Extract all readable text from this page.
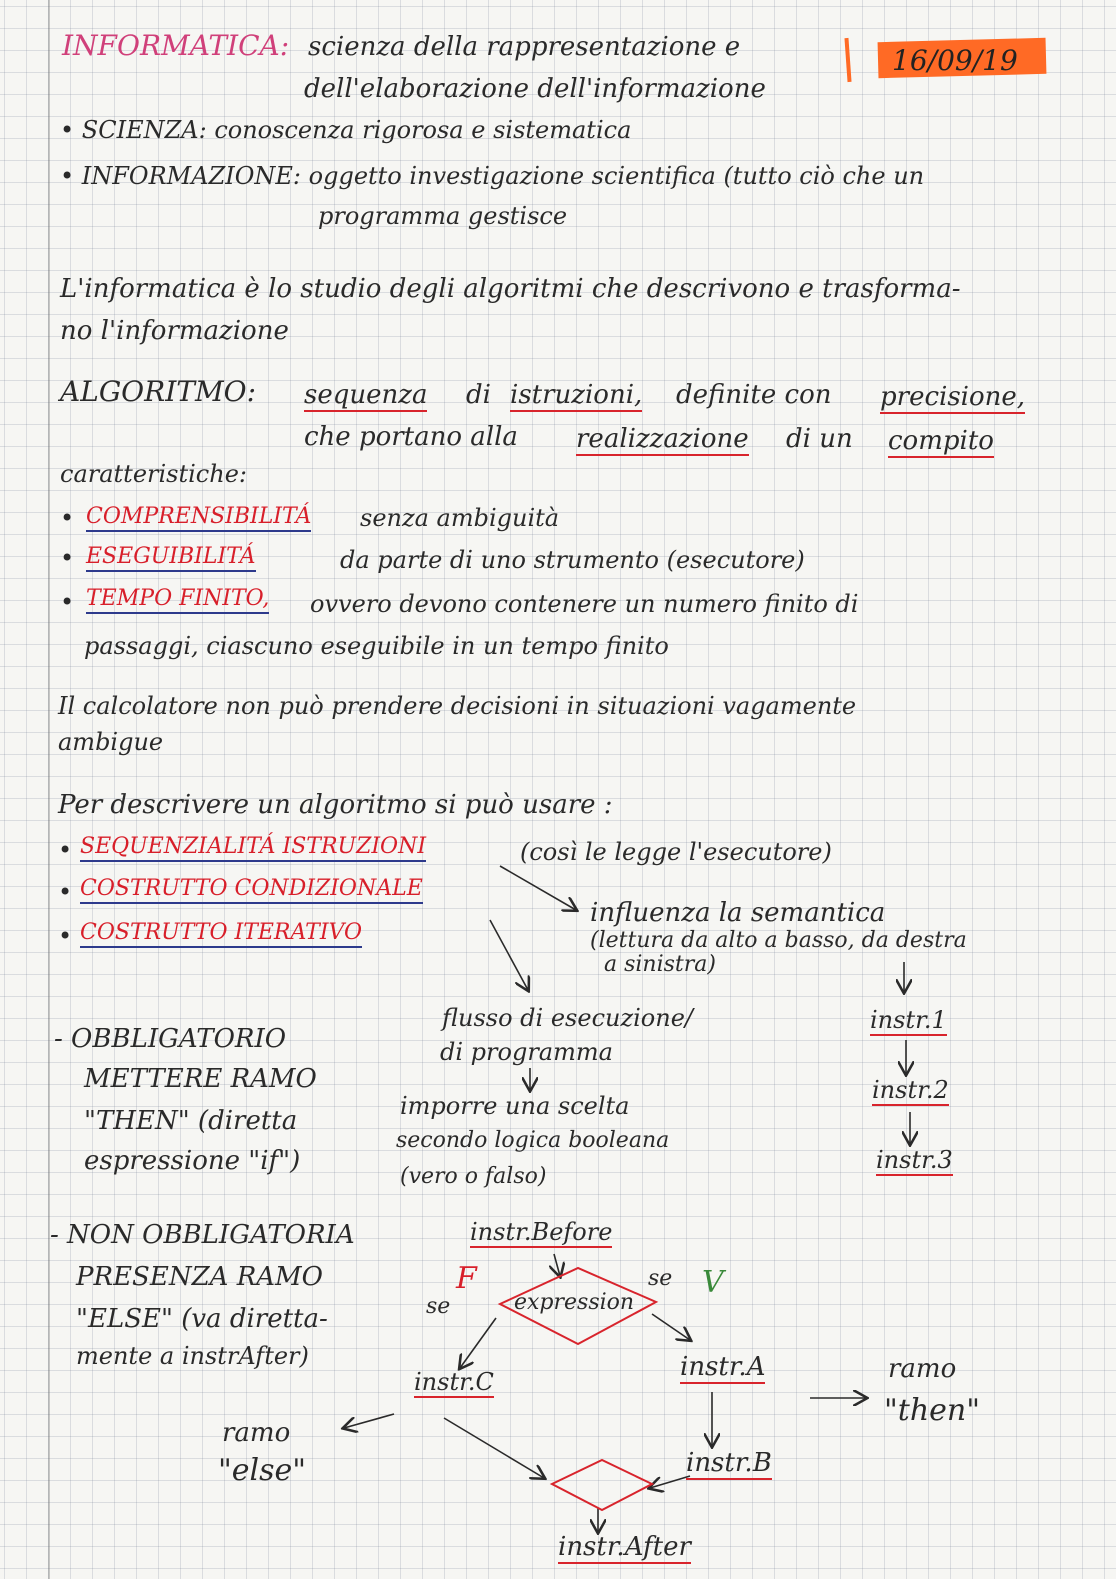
INFORMATICA: scienza della rappresentazione e
dell'elaborazione dell'informazione
16/09/19
• SCIENZA: conoscenza rigorosa e sistematica
• INFORMAZIONE: oggetto investigazione scientifica (tutto ciò che un
programma gestisce
L'informatica è lo studio degli algoritmi che descrivono e trasforma-
no l'informazione
ALGORITMO: sequenza di istruzioni, definite con precisione,
che portano alla realizzazione di un compito
caratteristiche:
• COMPRENSIBILITÁ senza ambiguità
• ESEGUIBILITÁ	da parte di uno strumento (esecutore)
• TEMPO FINITO, ovvero devono contenere un numero finito di
passaggi, ciascuno eseguibile in un tempo finito
Il calcolatore non può prendere decisioni in situazioni vagamente
ambigue
Per descrivere un algoritmo si può usare :
• SEQUENZIALITÁ ISTRUZIONI	(così le legge l'esecutore)
• COSTRUTTO CONDIZIONALE
• COSTRUTTO ITERATIVO
influenza la semantica
(lettura da alto a basso, da destra
a sinistra)
flusso di esecuzione/
di programma
imporre una scelta
secondo logica booleana
(vero o falso)
instr.1
instr.2
instr.3
- OBBLIGATORIO
METTERE RAMO
"THEN" (diretta
espressione "if")
- NON OBBLIGATORIA
PRESENZA RAMO
"ELSE" (va diretta-
mente a instrAfter)
instr.Before
se
F	se V
expression
instr.A
instr.C
instr.B
instr.After
ramo
"then"
ramo
"else"
